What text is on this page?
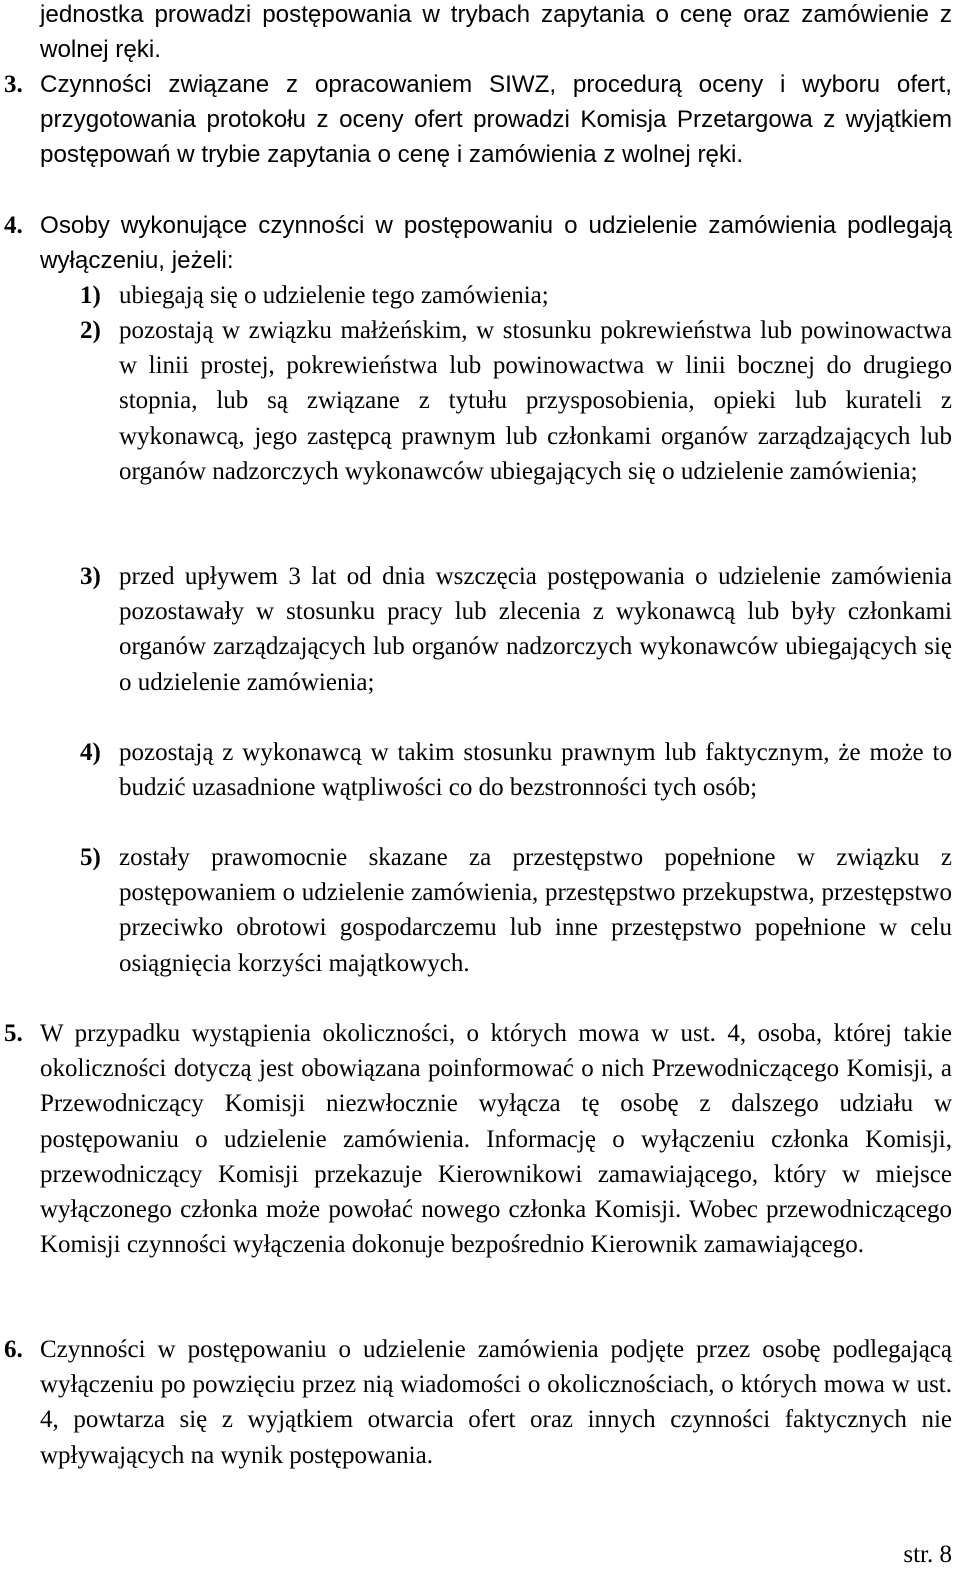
jednostka prowadzi postępowania w trybach zapytania o cenę oraz zamówienie z wolnej ręki.
3. Czynności związane z opracowaniem SIWZ, procedurą oceny i wyboru ofert, przygotowania protokołu z oceny ofert prowadzi Komisja Przetargowa z wyjątkiem postępowań w trybie zapytania o cenę i zamówienia z wolnej ręki.
4. Osoby wykonujące czynności w postępowaniu o udzielenie zamówienia podlegają wyłączeniu, jeżeli:
1) ubiegają się o udzielenie tego zamówienia;
2) pozostają w związku małżeńskim, w stosunku pokrewieństwa lub powinowactwa w linii prostej, pokrewieństwa lub powinowactwa w linii bocznej do drugiego stopnia, lub są związane z tytułu przysposobienia, opieki lub kurateli z wykonawcą, jego zastępcą prawnym lub członkami organów zarządzających lub organów nadzorczych wykonawców ubiegających się o udzielenie zamówienia;
3) przed upływem 3 lat od dnia wszczęcia postępowania o udzielenie zamówienia pozostawały w stosunku pracy lub zlecenia z wykonawcą lub były członkami organów zarządzających lub organów nadzorczych wykonawców ubiegających się o udzielenie zamówienia;
4) pozostają z wykonawcą w takim stosunku prawnym lub faktycznym, że może to budzić uzasadnione wątpliwości co do bezstronności tych osób;
5) zostały prawomocnie skazane za przestępstwo popełnione w związku z postępowaniem o udzielenie zamówienia, przestępstwo przekupstwa, przestępstwo przeciwko obrotowi gospodarczemu lub inne przestępstwo popełnione w celu osiągnięcia korzyści majątkowych.
5. W przypadku wystąpienia okoliczności, o których mowa w ust. 4, osoba, której takie okoliczności dotyczą jest obowiązana poinformować o nich Przewodniczącego Komisji, a Przewodniczący Komisji niezwłocznie wyłącza tę osobę z dalszego udziału w postępowaniu o udzielenie zamówienia. Informację o wyłączeniu członka Komisji, przewodniczący Komisji przekazuje Kierownikowi zamawiającego, który w miejsce wyłączonego członka może powołać nowego członka Komisji. Wobec przewodniczącego Komisji czynności wyłączenia dokonuje bezpośrednio Kierownik zamawiającego.
6. Czynności w postępowaniu o udzielenie zamówienia podjęte przez osobę podlegającą wyłączeniu po powzięciu przez nią wiadomości o okolicznościach, o których mowa w ust. 4, powtarza się z wyjątkiem otwarcia ofert oraz innych czynności faktycznych nie wpływających na wynik postępowania.
str. 8
